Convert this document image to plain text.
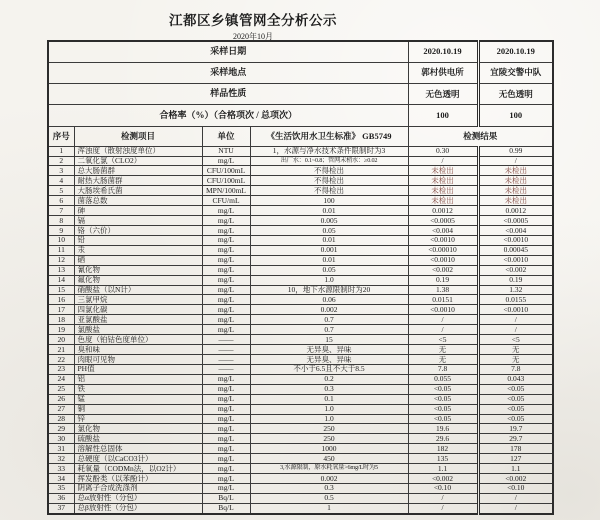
江都区乡镇管网全分析公示
2020年10月
采样日期				2020.10.19	2020.10.19
采样地点				郭村供电所	宜陵交警中队
样品性质				无色透明	无色透明
合格率（%）（合格项次 / 总项次）				100	100
序号	检测项目	单位	《生活饮用水卫生标准》 GB5749	检测结果	
1	浑浊度（散射浊度单位）	NTU	1，水源与净水技术条件限制时为3	0.30	0.99
2	二氧化氯（CLO2）	mg/L	出厂水：0.1~0.8；管网末梢水：≥0.02	/	/
3	总大肠菌群	CFU/100mL	不得检出	未检出	未检出
4	耐热大肠菌群	CFU/100mL	不得检出	未检出	未检出
5	大肠埃希氏菌	MPN/100mL	不得检出	未检出	未检出
6	菌落总数	CFU/mL	100	未检出	未检出
7	砷	mg/L	0.01	0.0012	0.0012
8	镉	mg/L	0.005	<0.0005	<0.0005
9	铬（六价）	mg/L	0.05	<0.004	<0.004
10	铅	mg/L	0.01	<0.0010	<0.0010
11	汞	mg/L	0.001	<0.00010	0.00045
12	硒	mg/L	0.01	<0.0010	<0.0010
13	氰化物	mg/L	0.05	<0.002	<0.002
14	氟化物	mg/L	1.0	0.19	0.19
15	硝酸盐（以N计）	mg/L	10，地下水源限制时为20	1.38	1.32
16	三氯甲烷	mg/L	0.06	0.0151	0.0155
17	四氯化碳	mg/L	0.002	<0.0010	<0.0010
18	亚氯酸盐	mg/L	0.7	/	/
19	氯酸盐	mg/L	0.7	/	/
20	色度（铂钴色度单位）	——	15	<5	<5
21	臭和味	——	无异臭、异味	无	无
22	肉眼可见物	——	无异臭、异味	无	无
23	PH值	——	不小于6.5且不大于8.5	7.8	7.8
24	铝	mg/L	0.2	0.055	0.043
25	铁	mg/L	0.3	<0.05	<0.05
26	锰	mg/L	0.1	<0.05	<0.05
27	铜	mg/L	1.0	<0.05	<0.05
28	锌	mg/L	1.0	<0.05	<0.05
29	氯化物	mg/L	250	19.6	19.7
30	硫酸盐	mg/L	250	29.6	29.7
31	溶解性总固体	mg/L	1000	182	178
32	总硬度（以CaCO3计）	mg/L	450	135	127
33	耗氧量（CODMn法，以O2计）	mg/L	3,水源限制，原水耗氧量>6mg/L时为5	1.1	1.1
34	挥发酚类（以苯酚计）	mg/L	0.002	<0.002	<0.002
35	阴离子合成洗涤剂	mg/L	0.3	<0.10	<0.10
36	总α放射性（分包）	Bq/L	0.5	/	/
37	总β放射性（分包）	Bq/L	1	/	/
